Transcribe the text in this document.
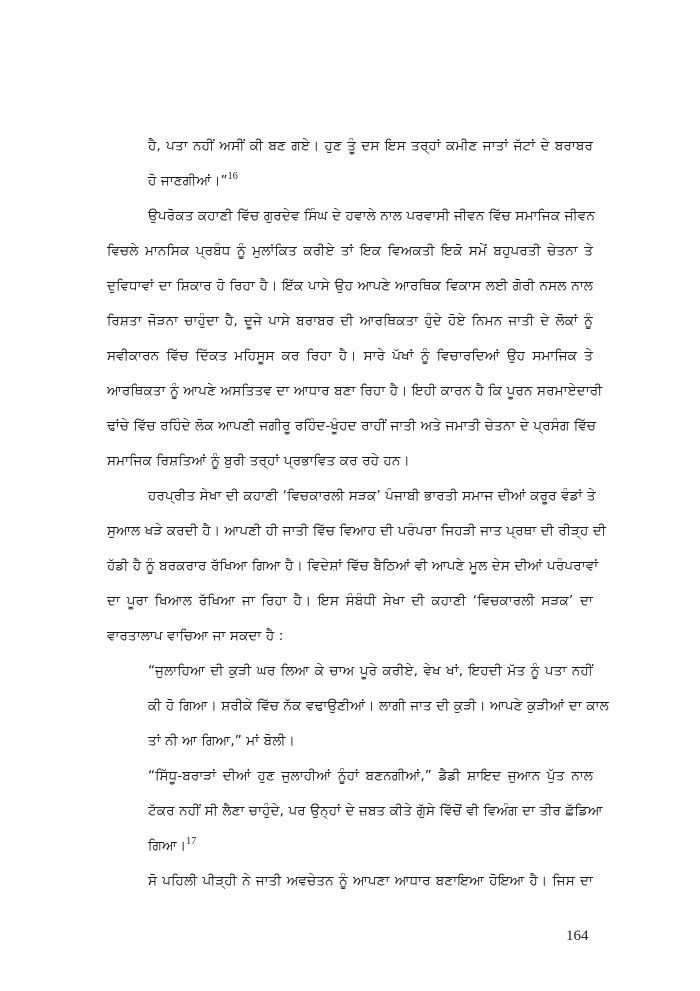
ਹੈ, ਪਤਾ ਨਹੀਂ ਅਸੀਂ ਕੀ ਬਣ ਗਏ। ਹੁਣ ਤੂੰ ਦਸ ਇਸ ਤਰ੍ਹਾਂ ਕਮੀਣ ਜਾਤਾਂ ਜੱਟਾਂ ਦੇ ਬਰਾਬਰ
ਹੋ ਜਾਣਗੀਆਂ।”$^{16}$
ਉਪਰੋਕਤ ਕਹਾਣੀ ਵਿੱਚ ਗੁਰਦੇਵ ਸਿੰਘ ਦੇ ਹਵਾਲੇ ਨਾਲ ਪਰਵਾਸੀ ਜੀਵਨ ਵਿੱਚ ਸਮਾਜਿਕ ਜੀਵਨ
ਵਿਚਲੇ ਮਾਨਸਿਕ ਪ੍ਰਬੰਧ ਨੂੰ ਮੁਲਾਂਕਿਤ ਕਰੀਏ ਤਾਂ ਇਕ ਵਿਅਕਤੀ ਇਕੋ ਸਮੇਂ ਬਹੁਪਰਤੀ ਚੇਤਨਾ ਤੇ
ਦੁਵਿਧਾਵਾਂ ਦਾ ਸ਼ਿਕਾਰ ਹੋ ਰਿਹਾ ਹੈ। ਇੱਕ ਪਾਸੇ ਉਹ ਆਪਣੇ ਆਰਥਿਕ ਵਿਕਾਸ ਲਈ ਗੋਰੀ ਨਸਲ ਨਾਲ
ਰਿਸ਼ਤਾ ਜੋੜਨਾ ਚਾਹੁੰਦਾ ਹੈ, ਦੂਜੇ ਪਾਸੇ ਬਰਾਬਰ ਦੀ ਆਰਥਿਕਤਾ ਹੁੰਦੇ ਹੋਏ ਨਿਮਨ ਜਾਤੀ ਦੇ ਲੋਕਾਂ ਨੂੰ
ਸਵੀਕਾਰਨ ਵਿੱਚ ਦਿੱਕਤ ਮਹਿਸੂਸ ਕਰ ਰਿਹਾ ਹੈ। ਸਾਰੇ ਪੱਖਾਂ ਨੂੰ ਵਿਚਾਰਦਿਆਂ ਉਹ ਸਮਾਜਿਕ ਤੇ
ਆਰਥਿਕਤਾ ਨੂੰ ਆਪਣੇ ਅਸਤਿਤਵ ਦਾ ਆਧਾਰ ਬਣਾ ਰਿਹਾ ਹੈ। ਇਹੀ ਕਾਰਨ ਹੈ ਕਿ ਪੂਰਨ ਸਰਮਾਏਦਾਰੀ
ਢਾਂਚੇ ਵਿੱਚ ਰਹਿੰਦੇ ਲੋਕ ਆਪਣੀ ਜਗੀਰੂ ਰਹਿੰਦ-ਖੂੰਹਦ ਰਾਹੀਂ ਜਾਤੀ ਅਤੇ ਜਮਾਤੀ ਚੇਤਨਾ ਦੇ ਪ੍ਰਸੰਗ ਵਿੱਚ
ਸਮਾਜਿਕ ਰਿਸ਼ਤਿਆਂ ਨੂੰ ਬੁਰੀ ਤਰ੍ਹਾਂ ਪ੍ਰਭਾਵਿਤ ਕਰ ਰਹੇ ਹਨ।
ਹਰਪ੍ਰੀਤ ਸੇਖਾ ਦੀ ਕਹਾਣੀ ‘ਵਿਚਕਾਰਲੀ ਸੜਕ’ ਪੰਜਾਬੀ ਭਾਰਤੀ ਸਮਾਜ ਦੀਆਂ ਕਰੂਰ ਵੰਡਾਂ ਤੇ
ਸੁਆਲ ਖੜੇ ਕਰਦੀ ਹੈ। ਆਪਣੀ ਹੀ ਜਾਤੀ ਵਿੱਚ ਵਿਆਹ ਦੀ ਪਰੰਪਰਾ ਜਿਹੜੀ ਜਾਤ ਪ੍ਰਥਾ ਦੀ ਰੀੜ੍ਹ ਦੀ
ਹੱਡੀ ਹੈ ਨੂੰ ਬਰਕਰਾਰ ਰੱਖਿਆ ਗਿਆ ਹੈ। ਵਿਦੇਸ਼ਾਂ ਵਿੱਚ ਬੈਠਿਆਂ ਵੀ ਆਪਣੇ ਮੂਲ ਦੇਸ ਦੀਆਂ ਪਰੰਪਰਾਵਾਂ
ਦਾ ਪੂਰਾ ਖਿਆਲ ਰੱਖਿਆ ਜਾ ਰਿਹਾ ਹੈ। ਇਸ ਸੰਬੰਧੀ ਸੇਖਾ ਦੀ ਕਹਾਣੀ ‘ਵਿਚਕਾਰਲੀ ਸੜਕ’ ਦਾ
ਵਾਰਤਾਲਾਪ ਵਾਚਿਆ ਜਾ ਸਕਦਾ ਹੈ :
“ਜੁਲਾਹਿਆ ਦੀ ਕੁੜੀ ਘਰ ਲਿਆ ਕੇ ਚਾਅ ਪੂਰੇ ਕਰੀਏ, ਵੇਖ ਖਾਂ, ਇਹਦੀ ਮੱਤ ਨੂੰ ਪਤਾ ਨਹੀਂ
ਕੀ ਹੋ ਗਿਆ। ਸ਼ਰੀਕੇ ਵਿੱਚ ਨੱਕ ਵਢਾਉਣੀਆਂ। ਲਾਗੀ ਜਾਤ ਦੀ ਕੁੜੀ। ਆਪਣੇ ਕੁੜੀਆਂ ਦਾ ਕਾਲ
ਤਾਂ ਨੀ ਆ ਗਿਆ,” ਮਾਂ ਬੋਲੀ।
“ਸਿੱਧੂ-ਬਰਾੜਾਂ ਦੀਆਂ ਹੁਣ ਜੁਲਾਹੀਆਂ ਨੂੰਹਾਂ ਬਣਨਗੀਆਂ,” ਡੈਡੀ ਸ਼ਾਇਦ ਜੁਆਨ ਪੁੱਤ ਨਾਲ
ਟੱਕਰ ਨਹੀਂ ਸੀ ਲੈਣਾ ਚਾਹੁੰਦੇ, ਪਰ ਉਨ੍ਹਾਂ ਦੇ ਜ਼ਬਤ ਕੀਤੇ ਗੁੱਸੇ ਵਿੱਚੋਂ ਵੀ ਵਿਅੰਗ ਦਾ ਤੀਰ ਛੱਡਿਆ
ਗਿਆ।$^{17}$
ਸੋ ਪਹਿਲੀ ਪੀੜ੍ਹੀ ਨੇ ਜਾਤੀ ਅਵਚੇਤਨ ਨੂੰ ਆਪਣਾ ਆਧਾਰ ਬਣਾਇਆ ਹੋਇਆ ਹੈ। ਜਿਸ ਦਾ
164
